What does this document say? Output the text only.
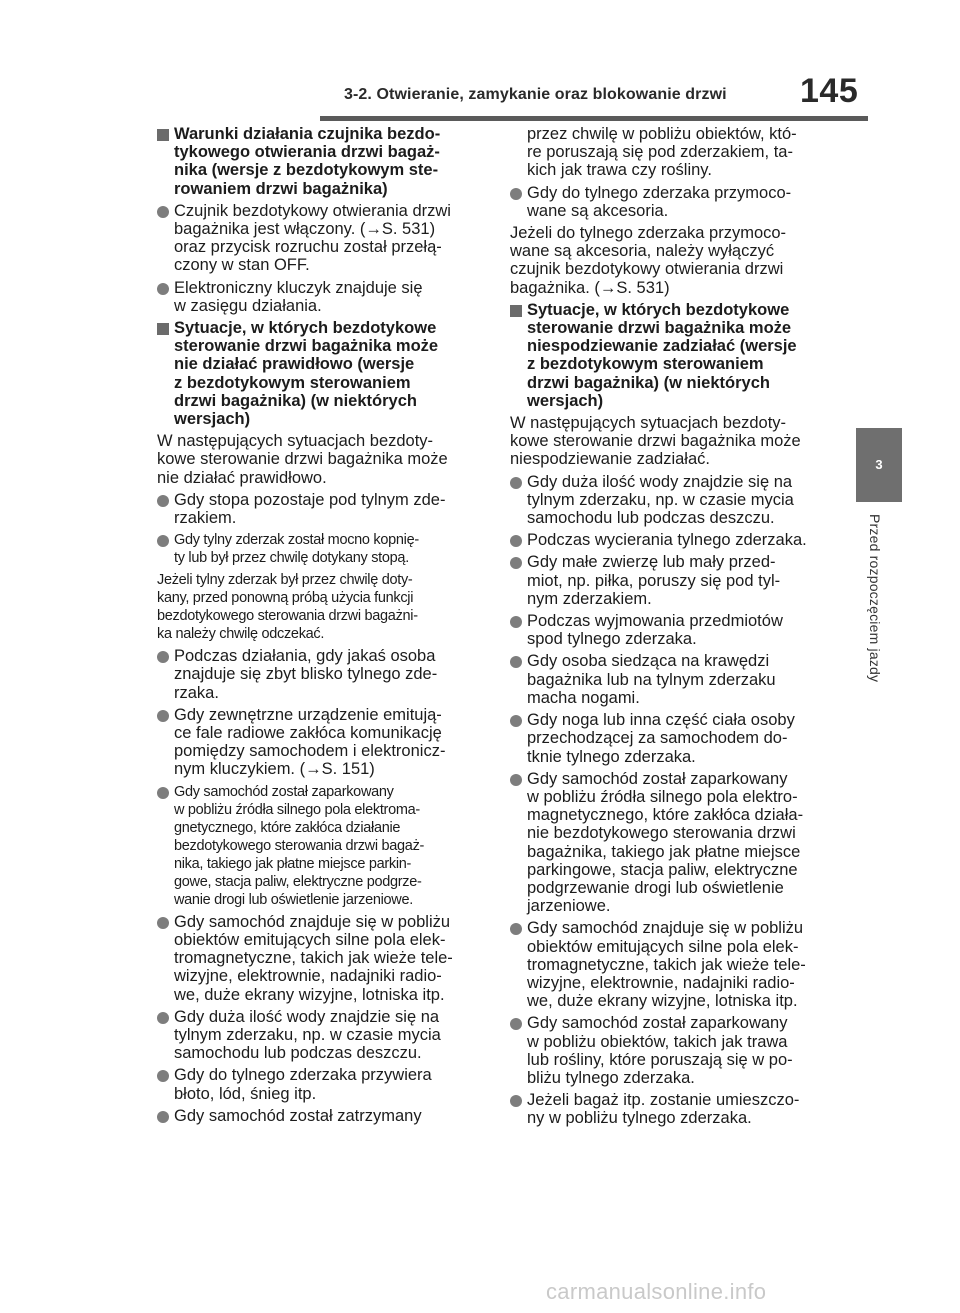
3-2. Otwieranie, zamykanie oraz blokowanie drzwi 145
3
Przed rozpoczęciem jazdy
Warunki działania czujnika bezdo-
tykowego otwierania drzwi bagaż-
nika (wersje z bezdotykowym ste-
rowaniem drzwi bagażnika)
Czujnik bezdotykowy otwierania drzwi
bagażnika jest włączony. (→S. 531)
oraz przycisk rozruchu został przełą-
czony w stan OFF.
Elektroniczny kluczyk znajduje się
w zasięgu działania.
Sytuacje, w których bezdotykowe
sterowanie drzwi bagażnika może
nie działać prawidłowo (wersje
z bezdotykowym sterowaniem
drzwi bagażnika) (w niektórych
wersjach)
W następujących sytuacjach bezdoty-
kowe sterowanie drzwi bagażnika może
nie działać prawidłowo.
Gdy stopa pozostaje pod tylnym zde-
rzakiem.
Gdy tylny zderzak został mocno kopnię-
ty lub był przez chwilę dotykany stopą.
Jeżeli tylny zderzak był przez chwilę doty-
kany, przed ponowną próbą użycia funkcji
bezdotykowego sterowania drzwi bagażni-
ka należy chwilę odczekać.
Podczas działania, gdy jakaś osoba
znajduje się zbyt blisko tylnego zde-
rzaka.
Gdy zewnętrzne urządzenie emitują-
ce fale radiowe zakłóca komunikację
pomiędzy samochodem i elektronicz-
nym kluczykiem. (→S. 151)
Gdy samochód został zaparkowany
w pobliżu źródła silnego pola elektroma-
gnetycznego, które zakłóca działanie
bezdotykowego sterowania drzwi bagaż-
nika, takiego jak płatne miejsce parkin-
gowe, stacja paliw, elektryczne podgrze-
wanie drogi lub oświetlenie jarzeniowe.
Gdy samochód znajduje się w pobliżu
obiektów emitujących silne pola elek-
tromagnetyczne, takich jak wieże tele-
wizyjne, elektrownie, nadajniki radio-
we, duże ekrany wizyjne, lotniska itp.
Gdy duża ilość wody znajdzie się na
tylnym zderzaku, np. w czasie mycia
samochodu lub podczas deszczu.
Gdy do tylnego zderzaka przywiera
błoto, lód, śnieg itp.
Gdy samochód został zatrzymany
przez chwilę w pobliżu obiektów, któ-
re poruszają się pod zderzakiem, ta-
kich jak trawa czy rośliny.
Gdy do tylnego zderzaka przymoco-
wane są akcesoria.
Jeżeli do tylnego zderzaka przymoco-
wane są akcesoria, należy wyłączyć
czujnik bezdotykowy otwierania drzwi
bagażnika. (→S. 531)
Sytuacje, w których bezdotykowe
sterowanie drzwi bagażnika może
niespodziewanie zadziałać (wersje
z bezdotykowym sterowaniem
drzwi bagażnika) (w niektórych
wersjach)
W następujących sytuacjach bezdoty-
kowe sterowanie drzwi bagażnika może
niespodziewanie zadziałać.
Gdy duża ilość wody znajdzie się na
tylnym zderzaku, np. w czasie mycia
samochodu lub podczas deszczu.
Podczas wycierania tylnego zderzaka.
Gdy małe zwierzę lub mały przed-
miot, np. piłka, poruszy się pod tyl-
nym zderzakiem.
Podczas wyjmowania przedmiotów
spod tylnego zderzaka.
Gdy osoba siedząca na krawędzi
bagażnika lub na tylnym zderzaku
macha nogami.
Gdy noga lub inna część ciała osoby
przechodzącej za samochodem do-
tknie tylnego zderzaka.
Gdy samochód został zaparkowany
w pobliżu źródła silnego pola elektro-
magnetycznego, które zakłóca działa-
nie bezdotykowego sterowania drzwi
bagażnika, takiego jak płatne miejsce
parkingowe, stacja paliw, elektryczne
podgrzewanie drogi lub oświetlenie
jarzeniowe.
Gdy samochód znajduje się w pobliżu
obiektów emitujących silne pola elek-
tromagnetyczne, takich jak wieże tele-
wizyjne, elektrownie, nadajniki radio-
we, duże ekrany wizyjne, lotniska itp.
Gdy samochód został zaparkowany
w pobliżu obiektów, takich jak trawa
lub rośliny, które poruszają się w po-
bliżu tylnego zderzaka.
Jeżeli bagaż itp. zostanie umieszczo-
ny w pobliżu tylnego zderzaka.
carmanualsonline.info
